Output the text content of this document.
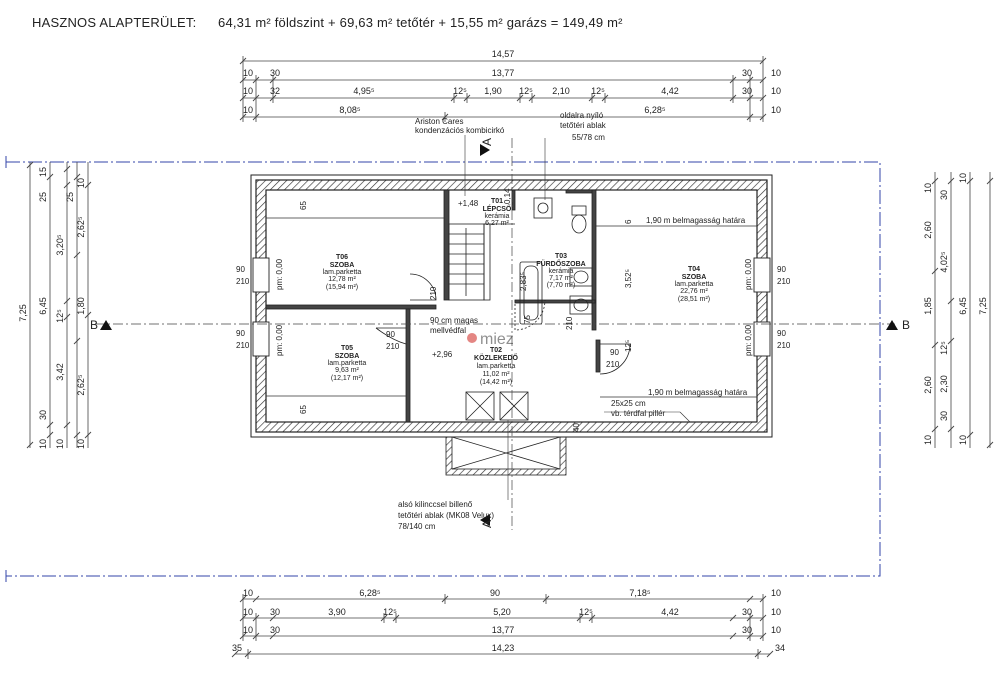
HASZNOS ALAPTERÜLET: 64,31 m² földszint + 69,63 m² tetőtér + 15,55 m² garázs = 149,49 m²
14,57
10 30	13,77	30 10
10 32	4,95⁵	12⁵ 1,90 12⁵ 2,10 12⁵	4,42	30 10
10	8,08⁵	6,28⁵	10
7,25
25
6,45
10
15
3,20⁵
12⁵
3,42
30
25
1,80
10
10
2,62⁵
2,62⁵
10
10
2,60
1,85
2,60
10
30
4,02⁵
12⁵
2,30
30
10
6,45
10
7,25
B	B
A
A
T01
LÉPCSŐ
kerámia
6,27 m²
T02
KÖZLEKEDŐ
lam.parketta
11,02 m²
(14,42 m²)
T03
FÜRDŐSZOBA
kerámia
7,17 m²
(7,70 m²)
T04
SZOBA
lam.parketta
22,76 m²
(28,51 m²)
T05
SZOBA
lam.parketta
9,63 m²
(12,17 m²)
T06
SZOBA
lam.parketta
12,78 m²
(15,94 m²)
Ariston Cares
kondenzációs kombicirkó
oldalra nyíló
tetőtéri ablak
55/78 cm
1,90 m belmagasság határa
1,90 m belmagasság határa
90 cm magas
mellvédfal
25x25 cm
vb. térdfal pillér
alsó kilinccsel billenő
tetőtéri ablak (MK08 Velux)
78/140 cm
+1,48
+2,96
90
210
90
210
90
210
90
210
90
210
90
210
pm: 0,00
pm: 0,00
pm: 0,00
pm: 0,00
65
65
210
210
6
3,52⁵
12⁵
0,14
2,83⁵
75
40
miez
10	6,28⁵	90	7,18⁵	10
10 30	3,90	12⁵	5,20	12⁵	4,42	30 10
10 30	13,77	30 10
35	14,23	34
